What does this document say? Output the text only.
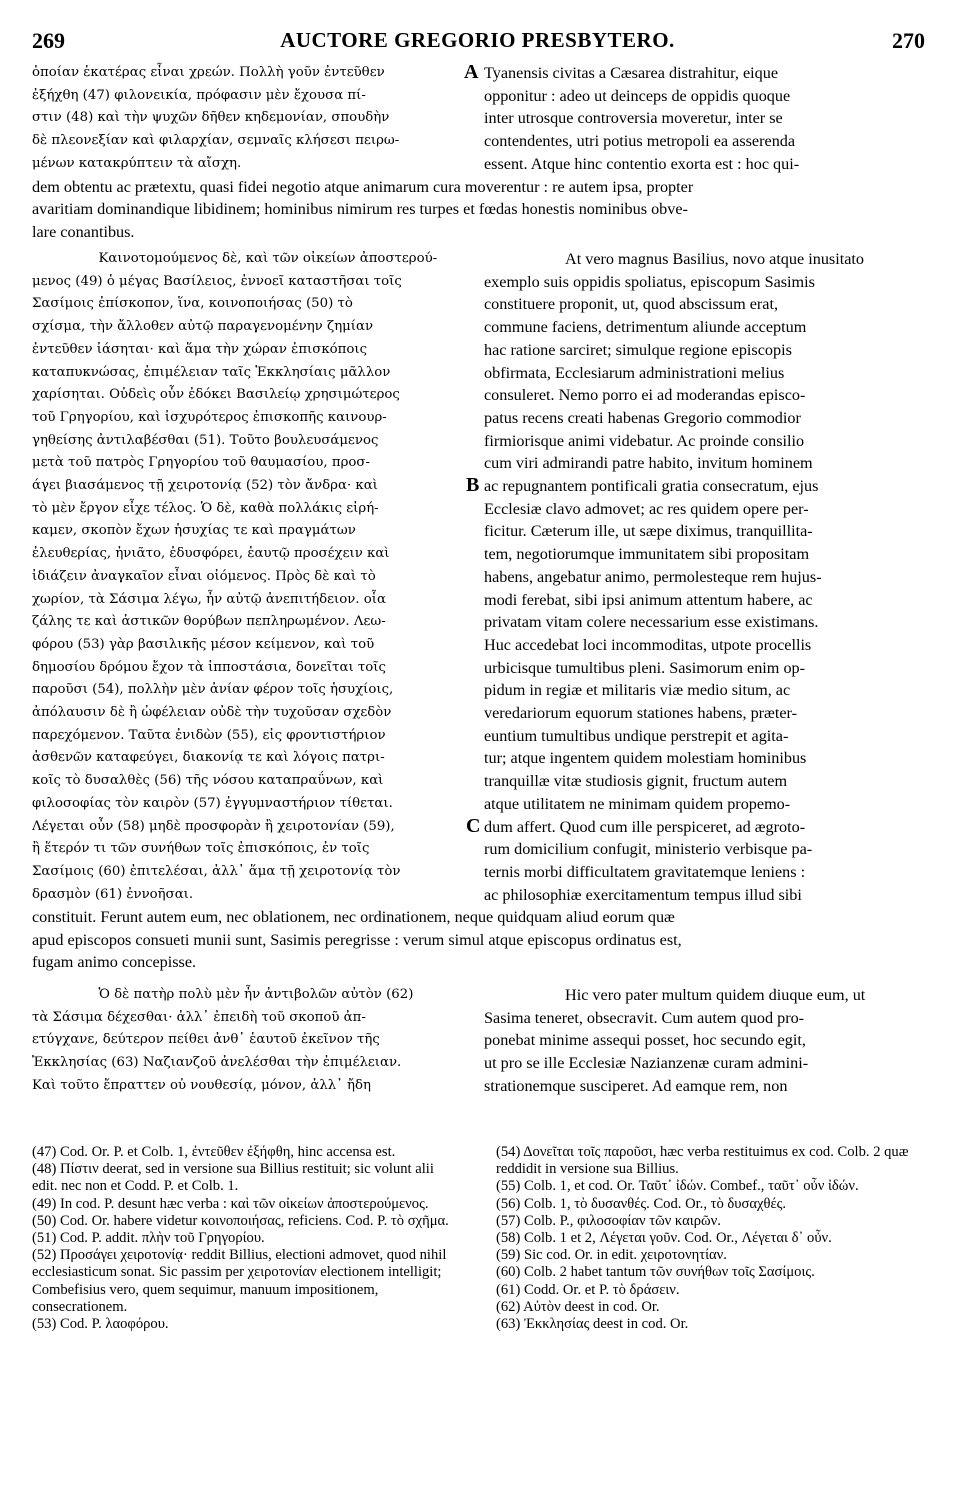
269	AUCTORE GREGORIO PRESBYTERO.	270
ὁποίαν ἑκατέρας εἶναι χρεών. Πολλὴ γοῦν ἐντεῦθεν
ἐξήχθη (47) φιλονεικία, πρόφασιν μὲν ἔχουσα πί-
στιν (48) καὶ τὴν ψυχῶν δῆθεν κηδεμονίαν, σπουδὴν
δὲ πλεονεξίαν καὶ φιλαρχίαν, σεμναῖς κλήσεσι πειρω-
μένων κατακρύπτειν τὰ αἴσχη.
Tyanensis civitas a Cæsarea distrahitur, eique
opponitur : adeo ut deinceps de oppidis quoque
inter utrosque controversia moveretur, inter se
contendentes, utri potius metropoli ea asserenda
essent. Atque hinc contentio exorta est : hoc qui-
dem obtentu ac prætextu, quasi fidei negotio atque animarum cura moverentur : re autem ipsa, propter
avaritiam dominandique libidinem; hominibus nimirum res turpes et fœdas honestis nominibus obve-
lare conantibus.
A
Καινοτομούμενος δὲ, καὶ τῶν οἰκείων ἀποστερού-
μενος (49) ὁ μέγας Βασίλειος, ἐννοεῖ καταστῆσαι τοῖς
Σασίμοις ἐπίσκοπον, ἵνα, κοινοποιήσας (50) τὸ
σχίσμα, τὴν ἄλλοθεν αὐτῷ παραγενομένην ζημίαν
ἐντεῦθεν ἰάσηται· καὶ ἅμα τὴν χώραν ἐπισκόποις
καταπυκνώσας, ἐπιμέλειαν ταῖς Ἐκκλησίαις μᾶλλον
χαρίσηται. Οὐδεὶς οὖν ἐδόκει Βασιλείῳ χρησιμώτερος
τοῦ Γρηγορίου, καὶ ἰσχυρότερος ἐπισκοπῆς καινουρ-
γηθείσης ἀντιλαβέσθαι (51). Τοῦτο βουλευσάμενος
μετὰ τοῦ πατρὸς Γρηγορίου τοῦ θαυμασίου, προσ-
άγει βιασάμενος τῇ χειροτονίᾳ (52) τὸν ἄνδρα· καὶ
τὸ μὲν ἔργον εἶχε τέλος. Ὁ δὲ, καθὰ πολλάκις εἰρή-
καμεν, σκοπὸν ἔχων ἡσυχίας τε καὶ πραγμάτων
ἐλευθερίας, ἠνιᾶτο, ἐδυσφόρει, ἑαυτῷ προσέχειν καὶ
ἰδιάζειν ἀναγκαῖον εἶναι οἰόμενος. Πρὸς δὲ καὶ τὸ
χωρίον, τὰ Σάσιμα λέγω, ἦν αὐτῷ ἀνεπιτήδειον. οἷα
ζάλης τε καὶ ἀστικῶν θορύβων πεπληρωμένον. Λεω-
φόρου (53) γὰρ βασιλικῆς μέσον κείμενον, καὶ τοῦ
δημοσίου δρόμου ἔχον τὰ ἱπποστάσια, δονεῖται τοῖς
παροῦσι (54), πολλὴν μὲν ἀνίαν φέρον τοῖς ἡσυχίοις,
ἀπόλαυσιν δὲ ἢ ὠφέλειαν οὐδὲ τὴν τυχοῦσαν σχεδὸν
παρεχόμενον. Ταῦτα ἐνιδὼν (55), εἰς φροντιστήριον
ἀσθενῶν καταφεύγει, διακονίᾳ τε καὶ λόγοις πατρι-
κοῖς τὸ δυσαλθὲς (56) τῆς νόσου καταπραΰνων, καὶ
φιλοσοφίας τὸν καιρὸν (57) ἐγγυμναστήριον τίθεται.
Λέγεται οὖν (58) μηδὲ προσφορὰν ἢ χειροτονίαν (59),
ἢ ἕτερόν τι τῶν συνήθων τοῖς ἐπισκόποις, ἐν τοῖς
Σασίμοις (60) ἐπιτελέσαι, ἀλλ᾽ ἅμα τῇ χειροτονίᾳ τὸν
δρασμὸν (61) ἐννοῆσαι.
At vero magnus Basilius, novo atque inusitato
exemplo suis oppidis spoliatus, episcopum Sasimis
constituere proponit, ut, quod abscissum erat,
commune faciens, detrimentum aliunde acceptum
hac ratione sarciret; simulque regione episcopis
obfirmata, Ecclesiarum administrationi melius
consuleret. Nemo porro ei ad moderandas episco-
patus recens creati habenas Gregorio commodior
firmiorisque animi videbatur. Ac proinde consilio
cum viri admirandi patre habito, invitum hominem
ac repugnantem pontificali gratia consecratum, ejus
Ecclesiæ clavo admovet; ac res quidem opere per-
ficitur. Cæterum ille, ut sæpe diximus, tranquillita-
tem, negotiorumque immunitatem sibi propositam
habens, angebatur animo, permolesteque rem hujus-
modi ferebat, sibi ipsi animum attentum habere, ac
privatam vitam colere necessarium esse existimans.
Huc accedebat loci incommoditas, utpote procellis
urbicisque tumultibus pleni. Sasimorum enim op-
pidum in regiæ et militaris viæ medio situm, ac
veredariorum equorum stationes habens, præter-
euntium tumultibus undique perstrepit et agita-
tur; atque ingentem quidem molestiam hominibus
tranquillæ vitæ studiosis gignit, fructum autem
atque utilitatem ne minimam quidem propemo-
dum affert. Quod cum ille perspiceret, ad ægroto-
rum domicilium confugit, ministerio verbisque pa-
ternis morbi difficultatem gravitatemque leniens :
ac philosophiæ exercitamentum tempus illud sibi
constituit. Ferunt autem eum, nec oblationem, nec ordinationem, neque quidquam aliud eorum quæ
apud episcopos consueti munii sunt, Sasimis peregrisse : verum simul atque episcopus ordinatus est,
fugam animo concepisse.
B
C
Ὁ δὲ πατὴρ πολὺ μὲν ἦν ἀντιβολῶν αὐτὸν (62)
τὰ Σάσιμα δέχεσθαι· ἀλλ᾽ ἐπειδὴ τοῦ σκοποῦ ἀπ-
ετύγχανε, δεύτερον πείθει ἀνθ᾽ ἑαυτοῦ ἐκεῖνον τῆς
Ἐκκλησίας (63) Ναζιανζοῦ ἀνελέσθαι τὴν ἐπιμέλειαν.
Καὶ τοῦτο ἔπραττεν οὐ νουθεσίᾳ, μόνον, ἀλλ᾽ ἤδη
Hic vero pater multum quidem diuque eum, ut
Sasima teneret, obsecravit. Cum autem quod pro-
ponebat minime assequi posset, hoc secundo egit,
ut pro se ille Ecclesiæ Nazianzenæ curam admini-
strationemque susciperet. Ad eamque rem, non
(47) Cod. Or. P. et Colb. 1, ἐντεῦθεν ἐξήφθη, hinc accensa est.
(48) Πίστιν deerat, sed in versione sua Billius restituit; sic volunt alii edit. nec non et Codd. P. et Colb. 1.
(49) In cod. P. desunt hæc verba : καὶ τῶν οἰκείων ἀποστερούμενος.
(50) Cod. Or. habere videtur κοινοποιήσας, reficiens. Cod. P. τὸ σχῆμα.
(51) Cod. P. addit. πλὴν τοῦ Γρηγορίου.
(52) Προσάγει χειροτονίᾳ· reddit Billius, electioni admovet, quod nihil ecclesiasticum sonat. Sic passim per χειροτονίαν electionem intelligit; Combefisius vero, quem sequimur, manuum impositionem, consecrationem.
(53) Cod. P. λαοφόρου.
(54) Δονεῖται τοῖς παροῦσι, hæc verba restituimus ex cod. Colb. 2 quæ reddidit in versione sua Billius.
(55) Colb. 1, et cod. Or. Ταῦτ᾽ ἰδών. Combef., ταῦτ᾽ οὖν ἰδών.
(56) Colb. 1, τὸ δυσανθές. Cod. Or., τὸ δυσαχθές.
(57) Colb. P., φιλοσοφίαν τῶν καιρῶν.
(58) Colb. 1 et 2, Λέγεται γοῦν. Cod. Or., Λέγεται δ᾽ οὖν.
(59) Sic cod. Or. in edit. χειροτονητίαν.
(60) Colb. 2 habet tantum τῶν συνήθων τοῖς Σασίμοις.
(61) Codd. Or. et P. τὸ δράσειν.
(62) Αὐτὸν deest in cod. Or.
(63) Ἐκκλησίας deest in cod. Or.
